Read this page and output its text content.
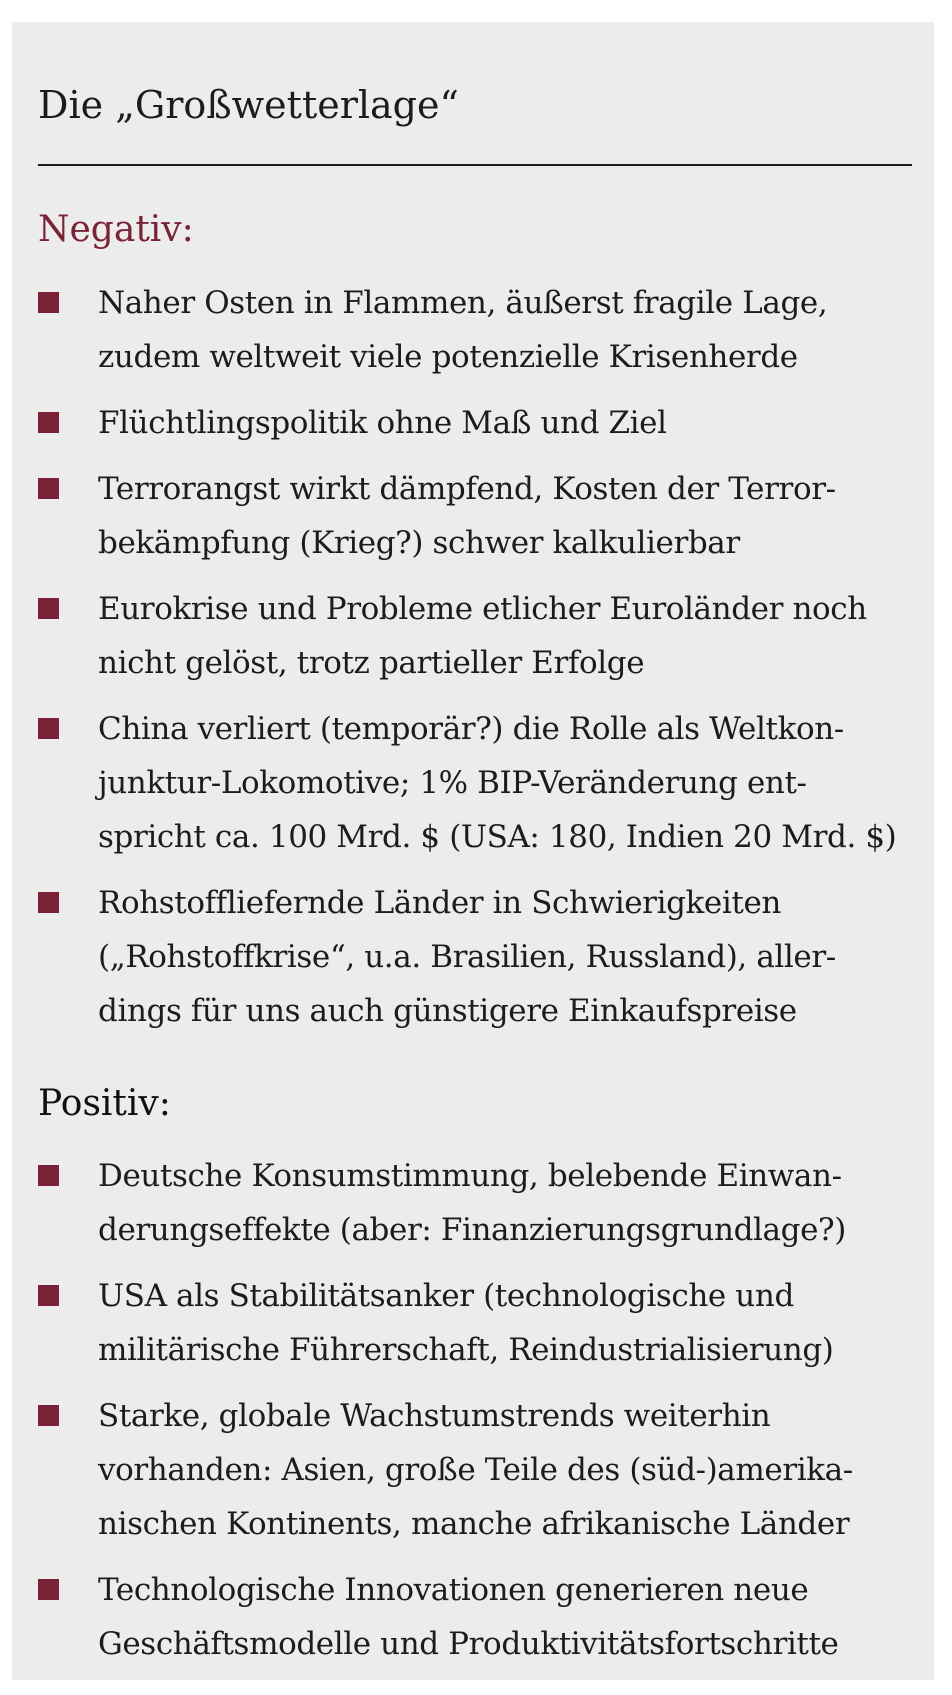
Die „Großwetterlage“
Negativ:
Naher Osten in Flammen, äußerst fragile Lage,
zudem weltweit viele potenzielle Krisenherde
Flüchtlingspolitik ohne Maß und Ziel
Terrorangst wirkt dämpfend, Kosten der Terror-
bekämpfung (Krieg?) schwer kalkulierbar
Eurokrise und Probleme etlicher Euroländer noch
nicht gelöst, trotz partieller Erfolge
China verliert (temporär?) die Rolle als Weltkon-
junktur-Lokomotive; 1% BIP-Veränderung ent-
spricht ca. 100 Mrd. $ (USA: 180, Indien 20 Mrd. $)
Rohstoffliefernde Länder in Schwierigkeiten
(„Rohstoffkrise“, u.a. Brasilien, Russland), aller-
dings für uns auch günstigere Einkaufspreise
Positiv:
Deutsche Konsumstimmung, belebende Einwan-
derungseffekte (aber: Finanzierungsgrundlage?)
USA als Stabilitätsanker (technologische und
militärische Führerschaft, Reindustrialisierung)
Starke, globale Wachstumstrends weiterhin
vorhanden: Asien, große Teile des (süd-)amerika-
nischen Kontinents, manche afrikanische Länder
Technologische Innovationen generieren neue
Geschäftsmodelle und Produktivitätsfortschritte
